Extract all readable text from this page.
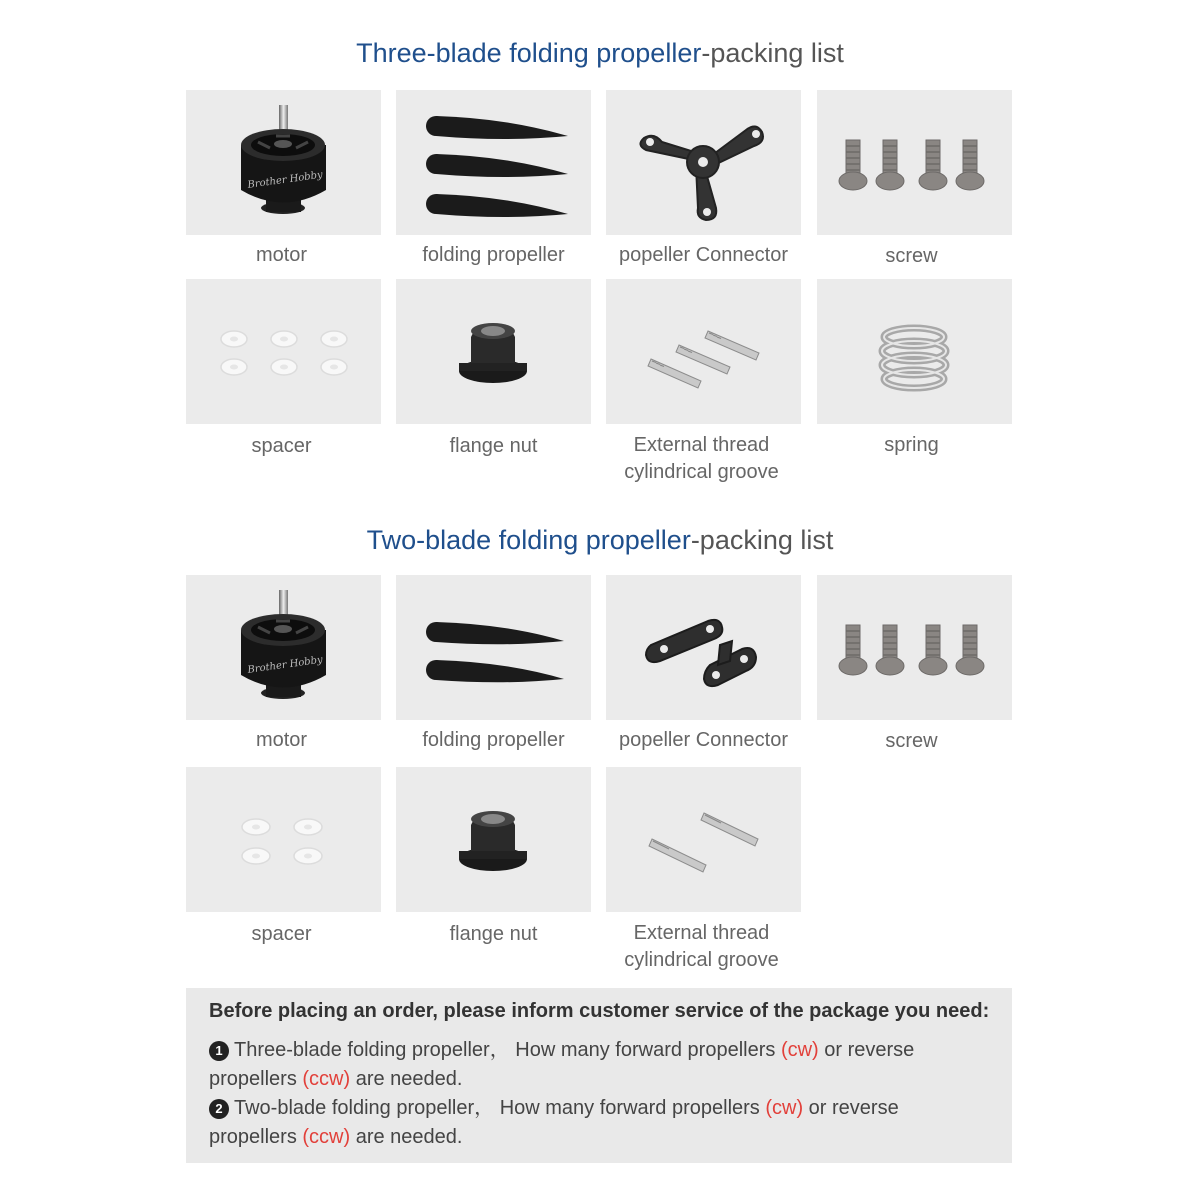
Three-blade folding propeller-packing list
Brother Hobby
motor	folding propeller	popeller Connector	screw
spacer	flange nut	External thread
cylindrical groove
spring
Two-blade folding propeller-packing list
Brother Hobby
motor	folding propeller	popeller Connector	screw
spacer	flange nut	External thread
cylindrical groove
Before placing an order, please inform customer service of the package you need:
1 Three-blade folding propeller， How many forward propellers (cw) or reverse propellers (ccw) are needed.
2 Two-blade folding propeller， How many forward propellers (cw) or reverse propellers (ccw) are needed.
